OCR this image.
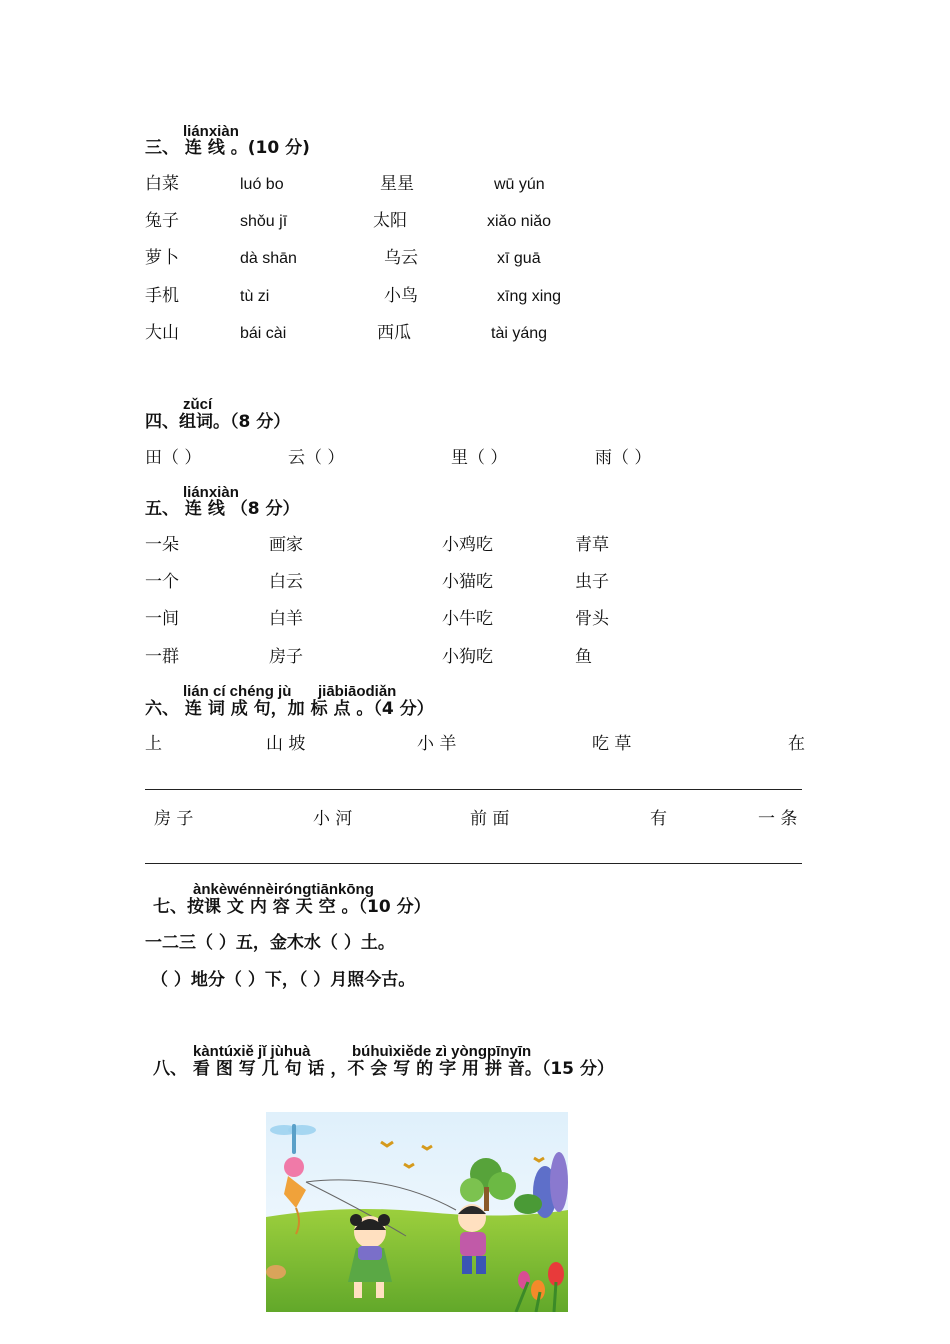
liánxiàn
三、 连 线 。(10 分)
白菜	luó bo	星星	wū yún
兔子	shǒu jī	太阳	xiǎo niǎo
萝卜	dà shān	乌云	xī guā
手机	tù zi	小鸟	xīng xing
大山	bái cài	西瓜	tài yáng
zǔcí
四、组词。（8 分）
田（ ）	云（ ）	里（ ）	雨（ ）
liánxiàn
五、 连 线 （8 分）
一朵	画家	小鸡吃	青草
一个	白云	小猫吃	虫子
一间	白羊	小牛吃	骨头
一群	房子	小狗吃	鱼
lián cí chéng jù jiābiāodiǎn
六、 连 词 成 句，加 标 点 。（4 分）
上	山 坡	小 羊	吃 草	在
房 子	小 河	前 面	有	一 条
ànkèwénnèiróngtiānkōng
七、按课 文 内 容 天 空 。（10 分）
一二三（ ）五，金木水（ ）土。
（ ）地分（ ）下，（ ）月照今古。
kàntúxiě jǐ jùhuà	búhuìxiěde zì yòngpīnyīn
八、 看 图 写 几 句 话 ，不 会 写 的 字 用 拼 音。（15 分）
